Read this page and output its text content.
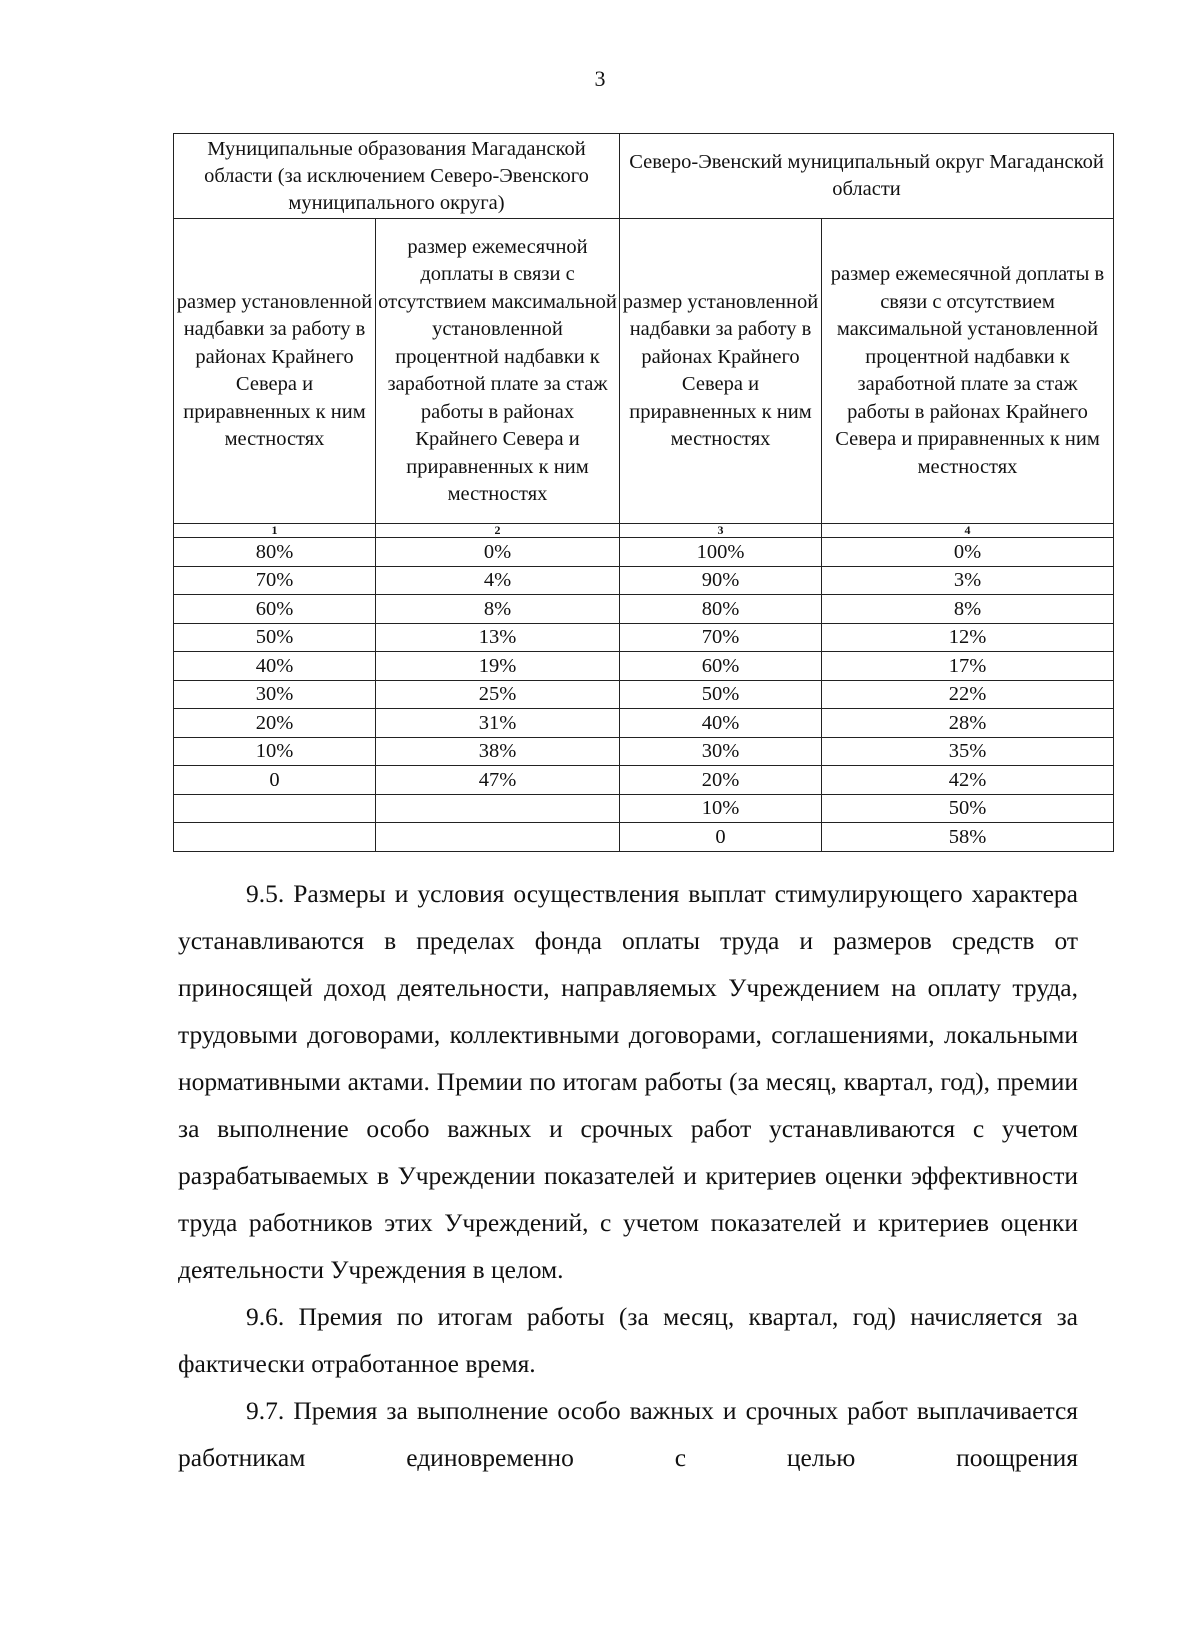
3
Муниципальные образования Магаданской области (за исключением Северо-Эвенского муниципального округа)		Северо-Эвенский муниципальный округ Магаданской области	
размер установленной надбавки за работу в районах Крайнего Севера и приравненных к ним местностях	размер ежемесячной доплаты в связи с отсутствием максимальной установленной процентной надбавки к заработной плате за стаж работы в районах Крайнего Севера и приравненных к ним местностях	размер установленной надбавки за работу в районах Крайнего Севера и приравненных к ним местностях	размер ежемесячной доплаты в связи с отсутствием максимальной установленной процентной надбавки к заработной плате за стаж работы в районах Крайнего Севера и приравненных к ним местностях
1	2	3	4
80%	0%	100%	0%
70%	4%	90%	3%
60%	8%	80%	8%
50%	13%	70%	12%
40%	19%	60%	17%
30%	25%	50%	22%
20%	31%	40%	28%
10%	38%	30%	35%
0	47%	20%	42%
		10%	50%
		0	58%

9.5. Размеры и условия осуществления выплат стимулирующего характера устанавливаются в пределах фонда оплаты труда и размеров средств от приносящей доход деятельности, направляемых Учреждением на оплату труда, трудовыми договорами, коллективными договорами, соглашениями, локальными нормативными актами. Премии по итогам работы (за месяц, квартал, год), премии за выполнение особо важных и срочных работ устанавливаются с учетом разрабатываемых в Учреждении показателей и критериев оценки эффективности труда работников этих Учреждений, с учетом показателей и критериев оценки деятельности Учреждения в целом.

9.6. Премия по итогам работы (за месяц, квартал, год) начисляется за фактически отработанное время.

9.7. Премия за выполнение особо важных и срочных работ выплачивается работникам единовременно с целью поощрения
